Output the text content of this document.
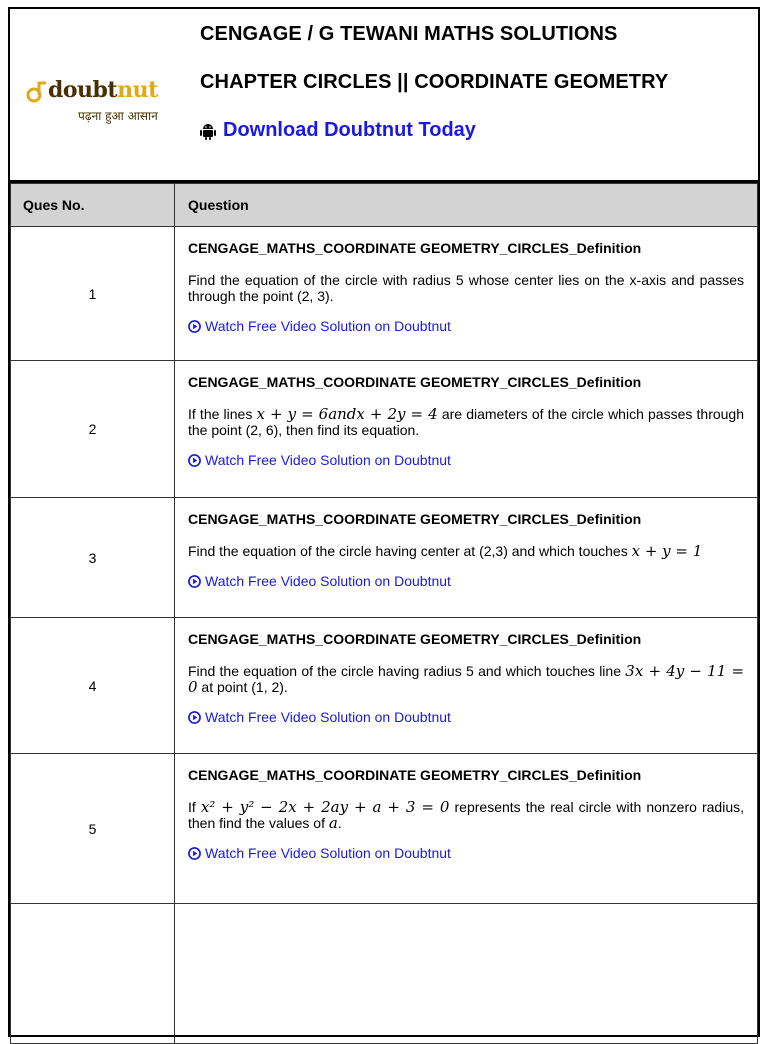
doubtnut
पढ़ना हुआ आसान
CENGAGE / G TEWANI MATHS SOLUTIONS
CHAPTER CIRCLES || COORDINATE GEOMETRY
Download Doubtnut Today
Ques No.	Question
1	CENGAGE_MATHS_COORDINATE GEOMETRY_CIRCLES_Definition
Find the equation of the circle with radius 5 whose center lies on the x-axis and passes through the point (2, 3).
Watch Free Video Solution on Doubtnut

2	CENGAGE_MATHS_COORDINATE GEOMETRY_CIRCLES_Definition
If the lines x + y = 6andx + 2y = 4 are diameters of the circle which passes through the point (2, 6), then find its equation.
Watch Free Video Solution on Doubtnut

3	CENGAGE_MATHS_COORDINATE GEOMETRY_CIRCLES_Definition
Find the equation of the circle having center at (2,3) and which touches x + y = 1
Watch Free Video Solution on Doubtnut

4	CENGAGE_MATHS_COORDINATE GEOMETRY_CIRCLES_Definition
Find the equation of the circle having radius 5 and which touches line 3x + 4y − 11 = 0 at point (1, 2).
Watch Free Video Solution on Doubtnut

5	CENGAGE_MATHS_COORDINATE GEOMETRY_CIRCLES_Definition
If x² + y² − 2x + 2ay + a + 3 = 0 represents the real circle with nonzero radius, then find the values of a.
Watch Free Video Solution on Doubtnut
